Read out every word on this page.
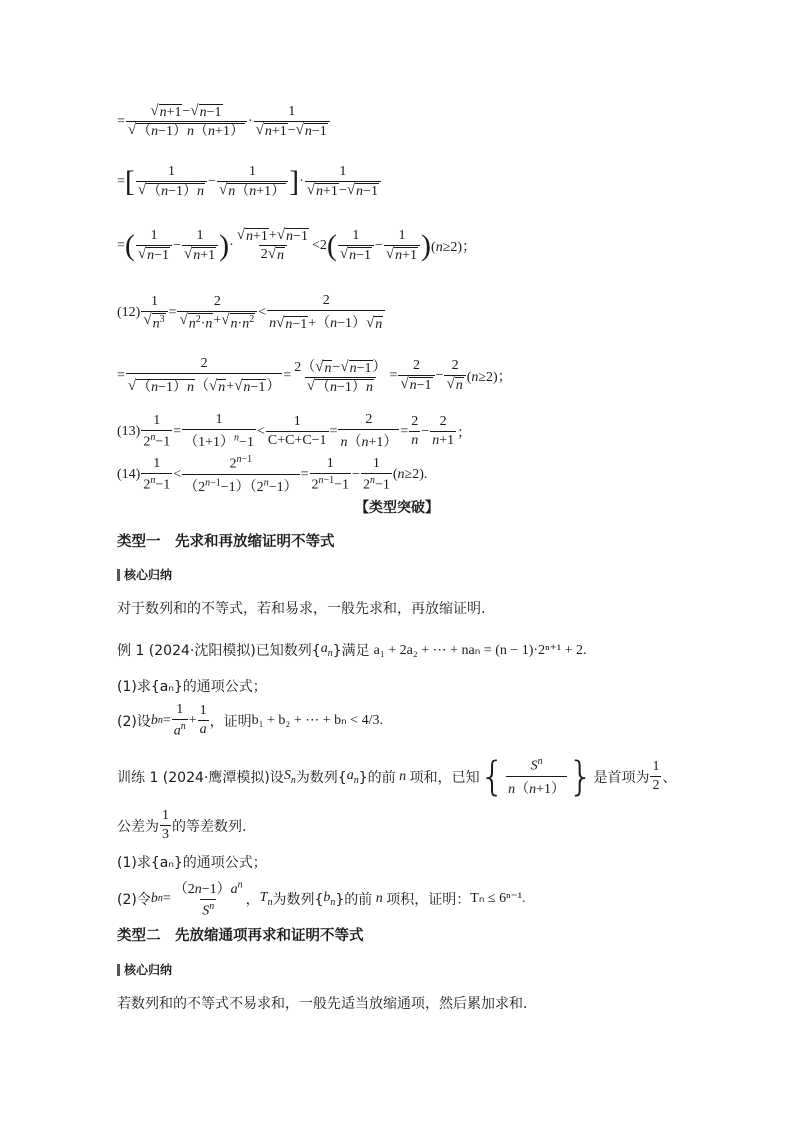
= $\frac{√ n+1 - √ n-1}{√ (n-1)n(n+1)}$ ·
1
√ n+1 − √ n−1
= [ 1
√ （n−1）n
− $\frac{1}{√ n(n+1)}$ ] ·
1
√ n+1 − √ n−1
= ( 1
√ n−1
− $\frac{1}{√ n+1}$ ) ·
√ n+1 + √ n−1
2 √ n
<2 ( 1
√ n−1
− $\frac{1}{√ n+1}$ ) (n≥2)；
$(12) \frac{1}{√ n^3} = \frac{2}{√ n^2\cdot n + √ n\cdot n^2}$ <
2
n √ n−1 +（n−1） √ n
= $\frac{2}{√ (n-1)n ( √ n + √ n-1 )} = \frac{2( √ n - √ n-1 )}{√ (n-1)n} = \frac{2}{√ n-1} - \frac{2}{√ n} (n\ge 2)$；
$(13) \frac{1}{2^n-1} = \frac{1}{(1+1)^n-1} < \frac{1}{C+C+C-1} = \frac{2}{n(n+1)} = \frac{2}{n} - \frac{2}{n+1}$ ；
(14)
1
$2^n-1$
< $\frac{2^{n-1}}{(2^{n-1}-1)(2^n-1)} = \frac{1}{2^{n-1}-1} - \frac{1}{2^n-1} (n\ge 2)$.
【类型突破】
类型一　先求和再放缩证明不等式
核心归纳
对于数列和的不等式，若和易求，一般先求和，再放缩证明.
例 1 (2024·沈阳模拟)已知数列{ $a_n$ }满足 a₁ + 2a₂ + ⋯ + naₙ = (n − 1)·2ⁿ⁺¹ + 2.
(1)求{aₙ}的通项公式；
(2)设 b n =
1
$a^n$ +
1
a ，证明 b₁ + b₂ + ⋯ + bₙ < 4/3.
训练 1 (2024·鹰潭模拟)设 $S_n$ 为数列{ $a_n$ }的前 n 项和，已知 { $S^n$
n（n+1） } 是首项为
1
2 、
公差为
1
3 的等差数列.
(1)求{aₙ}的通项公式；
(2)令 b n =
$(2n-1)a^n$
$S^n$ ， $T_n$ 为数列{ $b_n$ }的前 n 项积，证明： Tₙ ≤ 6ⁿ⁻¹.
类型二　先放缩通项再求和证明不等式
核心归纳
若数列和的不等式不易求和，一般先适当放缩通项，然后累加求和.
